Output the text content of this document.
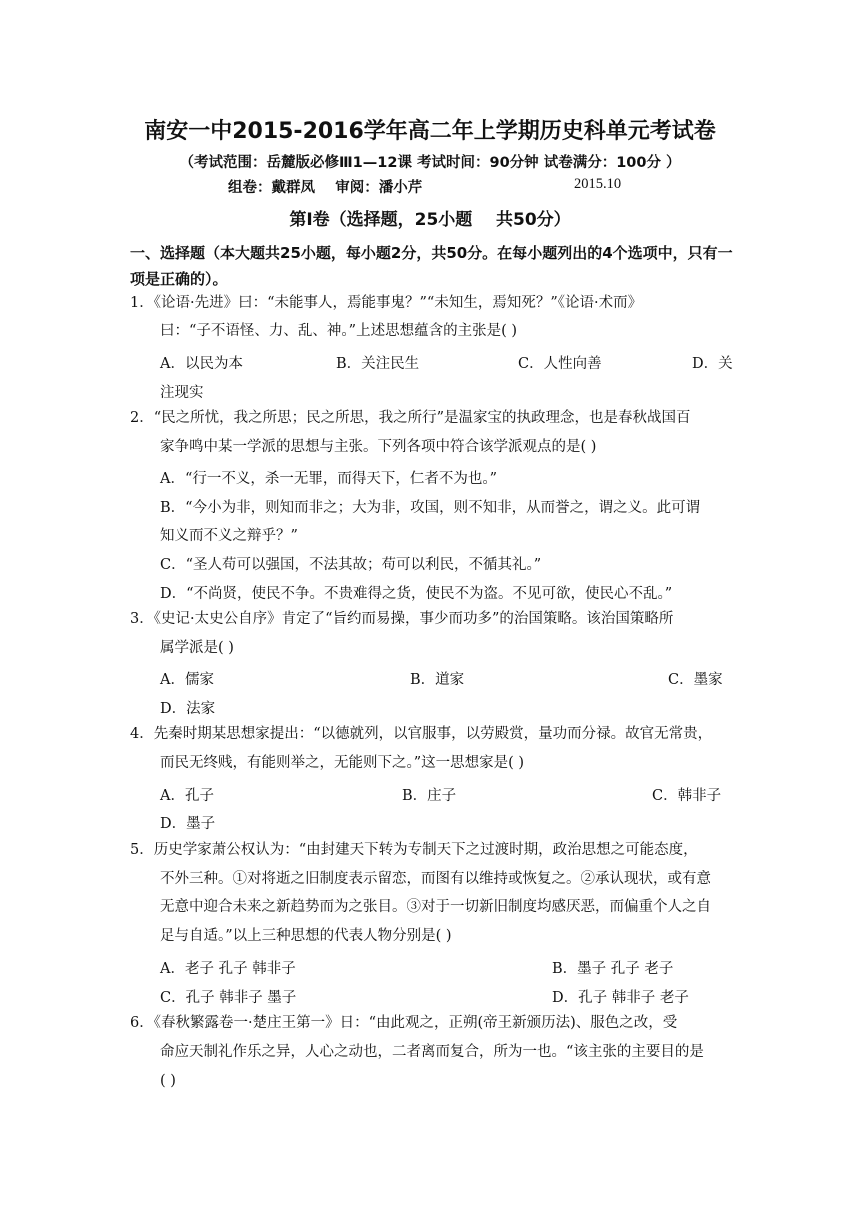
南安一中2015-2016学年高二年上学期历史科单元考试卷
（考试范围：岳麓版必修Ⅲ1—12课 考试时间：90分钟 试卷满分：100分 ）
组卷：戴群凤    审阅：潘小芹	2015.10
第Ⅰ卷（选择题，25小题    共50分）
一、选择题（本大题共25小题，每小题2分，共50分。在每小题列出的4个选项中，只有一项是正确的）。
1．《论语·先进》曰：“未能事人，焉能事鬼？”“未知生，焉知死？”《论语·术而》
曰：“子不语怪、力、乱、神。”上述思想蕴含的主张是( )
A．以民为本	B．关注民生	C．人性向善	D．关
注现实
2．“民之所忧，我之所思；民之所思，我之所行”是温家宝的执政理念，也是春秋战国百
家争鸣中某一学派的思想与主张。下列各项中符合该学派观点的是( )
A．“行一不义，杀一无罪，而得天下，仁者不为也。”
B．“今小为非，则知而非之；大为非，攻国，则不知非，从而誉之，谓之义。此可谓
知义而不义之辩乎？”
C．“圣人苟可以强国，不法其故；苟可以利民，不循其礼。”
D．“不尚贤，使民不争。不贵难得之货，使民不为盗。不见可欲，使民心不乱。”
3．《史记·太史公自序》肯定了“旨约而易操，事少而功多”的治国策略。该治国策略所
属学派是( )
A．儒家	B．道家	C．墨家
D．法家
4．先秦时期某思想家提出：“以德就列，以官服事，以劳殿赏，量功而分禄。故官无常贵，
而民无终贱，有能则举之，无能则下之。”这一思想家是( )
A．孔子	B．庄子	C．韩非子
D．墨子
5．历史学家萧公权认为：“由封建天下转为专制天下之过渡时期，政治思想之可能态度，
不外三种。①对将逝之旧制度表示留恋，而图有以维持或恢复之。②承认现状，或有意
无意中迎合未来之新趋势而为之张目。③对于一切新旧制度均感厌恶，而偏重个人之自
足与自适。”以上三种思想的代表人物分别是( )
A．老子 孔子 韩非子	B．墨子 孔子 老子
C．孔子 韩非子 墨子	D．孔子 韩非子 老子
6．《春秋繁露卷一·楚庄王第一》日：“由此观之，正朔(帝王新颁历法)、服色之改，受
命应天制礼作乐之异，人心之动也，二者离而复合，所为一也。“该主张的主要目的是
( )
